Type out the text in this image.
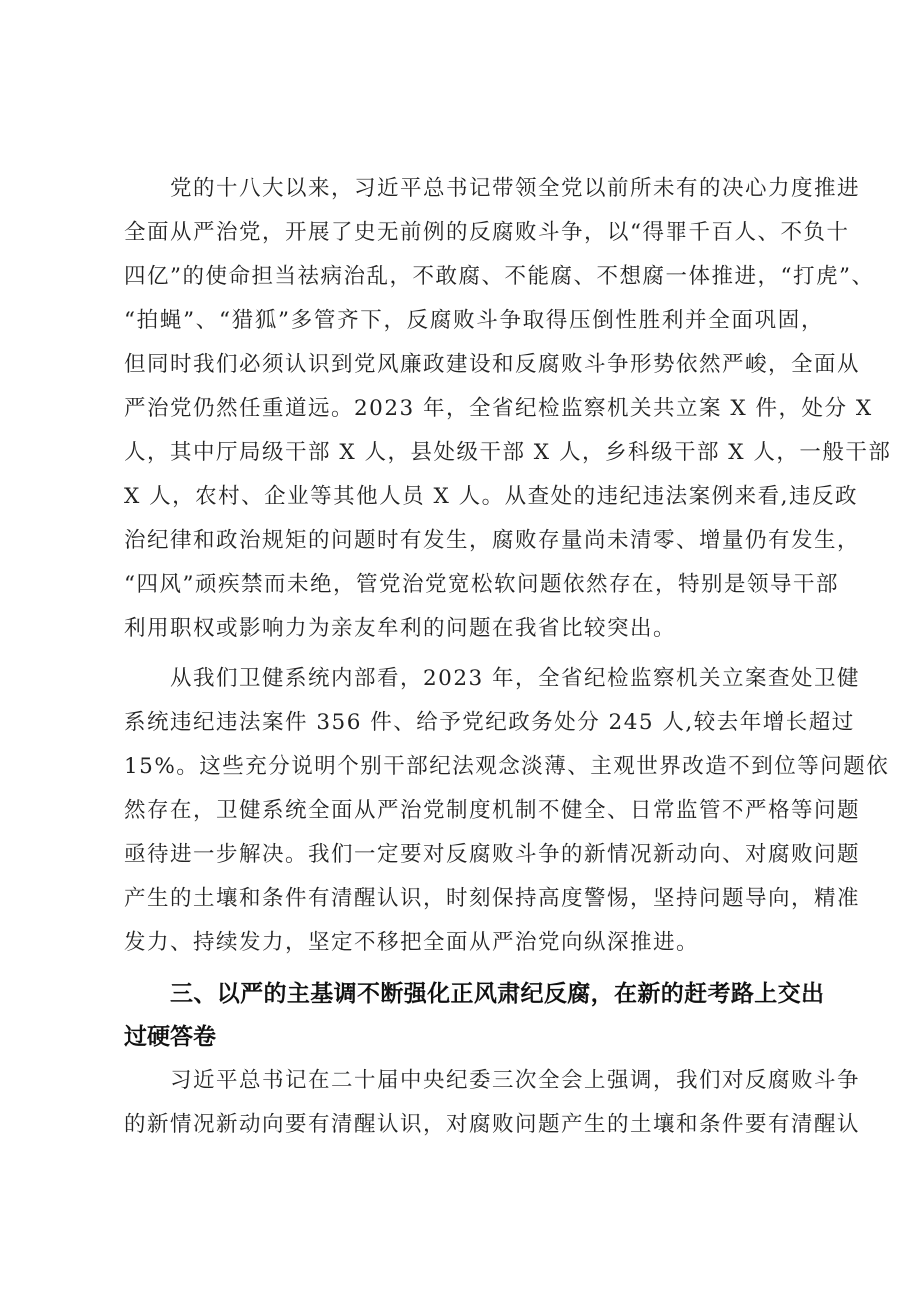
党的十八大以来，习近平总书记带领全党以前所未有的决心力度推进
全面从严治党，开展了史无前例的反腐败斗争，以“得罪千百人、不负十
四亿”的使命担当祛病治乱，不敢腐、不能腐、不想腐一体推进，“打虎”、
“拍蝇”、“猎狐”多管齐下，反腐败斗争取得压倒性胜利并全面巩固，
但同时我们必须认识到党风廉政建设和反腐败斗争形势依然严峻，全面从
严治党仍然任重道远。2023 年，全省纪检监察机关共立案 X 件，处分 X
人，其中厅局级干部 X 人，县处级干部 X 人，乡科级干部 X 人，一般干部
X 人，农村、企业等其他人员 X 人。从查处的违纪违法案例来看,违反政
治纪律和政治规矩的问题时有发生，腐败存量尚未清零、增量仍有发生，
“四风”顽疾禁而未绝，管党治党宽松软问题依然存在，特别是领导干部
利用职权或影响力为亲友牟利的问题在我省比较突出。
从我们卫健系统内部看，2023 年，全省纪检监察机关立案查处卫健
系统违纪违法案件 356 件、给予党纪政务处分 245 人,较去年增长超过
15%。这些充分说明个别干部纪法观念淡薄、主观世界改造不到位等问题依
然存在，卫健系统全面从严治党制度机制不健全、日常监管不严格等问题
亟待进一步解决。我们一定要对反腐败斗争的新情况新动向、对腐败问题
产生的土壤和条件有清醒认识，时刻保持高度警惕，坚持问题导向，精准
发力、持续发力，坚定不移把全面从严治党向纵深推进。
三、以严的主基调不断强化正风肃纪反腐，在新的赶考路上交出
过硬答卷
习近平总书记在二十届中央纪委三次全会上强调，我们对反腐败斗争
的新情况新动向要有清醒认识，对腐败问题产生的土壤和条件要有清醒认
